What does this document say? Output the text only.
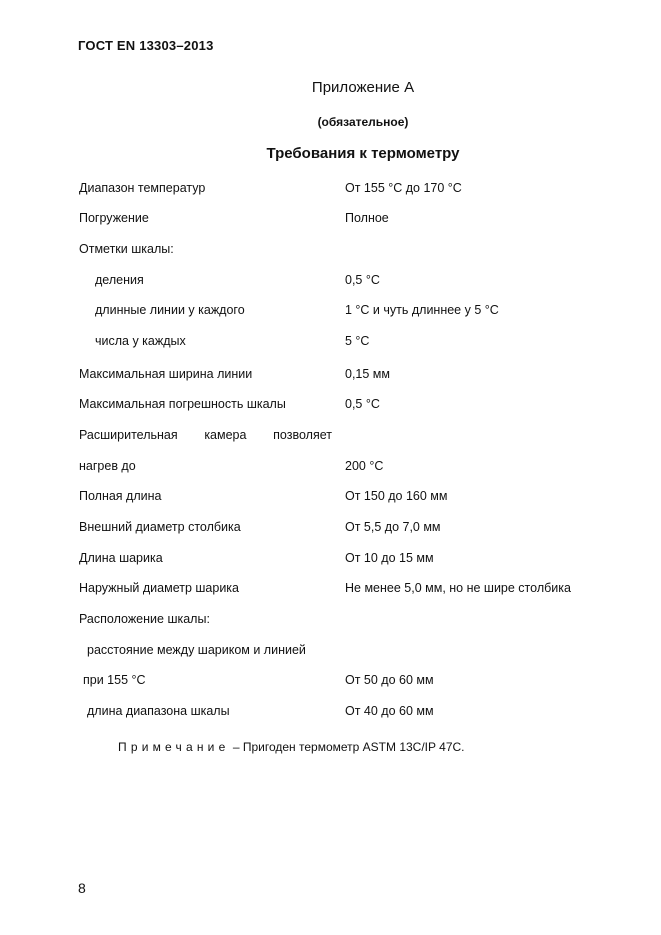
ГОСТ EN 13303–2013
Приложение А
(обязательное)
Требования к термометру
Диапазон температур	От 155 °С до 170 °С
Погружение	Полное
Отметки шкалы:
деления	0,5 °С
длинные линии у каждого	1 °С и чуть длиннее у 5 °С
числа у каждых	5 °С
Максимальная ширина линии	0,15 мм
Максимальная погрешность шкалы	0,5 °С
Расширительная камера позволяет
нагрев до	200 °С
Полная длина	От 150 до 160 мм
Внешний диаметр столбика	От 5,5 до 7,0 мм
Длина шарика	От 10 до 15 мм
Наружный диаметр шарика	Не менее 5,0 мм, но не шире столбика
Расположение шкалы:
расстояние между шариком и линией
при 155 °С	От 50 до 60 мм
длина диапазона шкалы	От 40 до 60 мм
Примечание – Пригоден термометр ASTM 13C/IP 47C.
8
